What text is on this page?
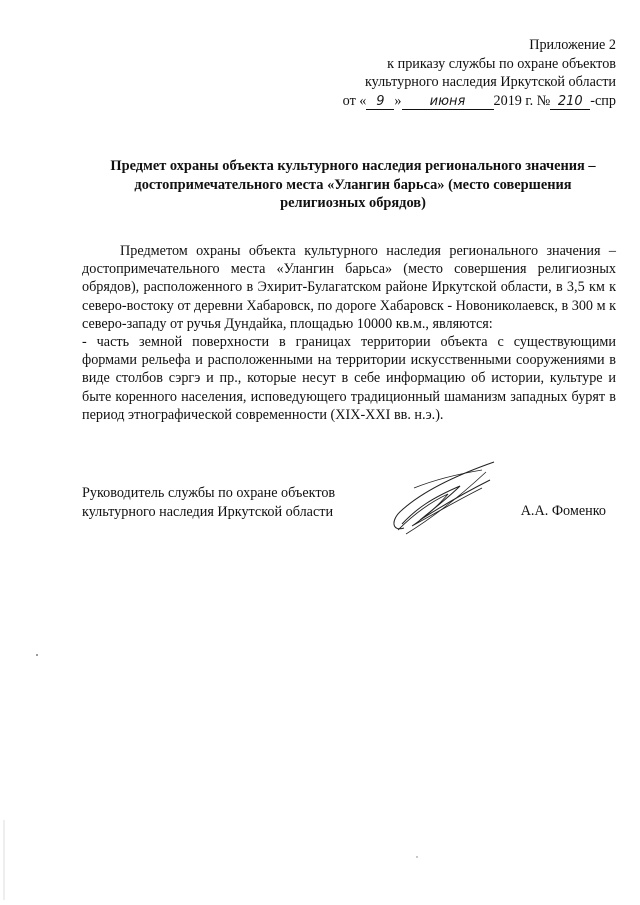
Приложение 2
к приказу службы по охране объектов
культурного наследия Иркутской области
от « 9 » июня 2019 г. № 210 -спр
Предмет охраны объекта культурного наследия регионального значения –
достопримечательного места «Улангин барьса» (место совершения
религиозных обрядов)

Предметом охраны объекта культурного наследия регионального значения – достопримечательного места «Улангин барьса» (место совершения религиозных обрядов), расположенного в Эхирит-Булагатском районе Иркутской области, в 3,5 км к северо-востоку от деревни Хабаровск, по дороге Хабаровск - Новониколаевск, в 300 м к северо-западу от ручья Дундайка, площадью 10000 кв.м., являются:

- часть земной поверхности в границах территории объекта с существующими формами рельефа и расположенными на территории искусственными сооружениями в виде столбов сэргэ и пр., которые несут в себе информацию об истории, культуре и быте коренного населения, исповедующего традиционный шаманизм западных бурят в период этнографической современности (XIX-XXI вв. н.э.).

Руководитель службы по охране объектов
культурного наследия Иркутской области	А.А. Фоменко
